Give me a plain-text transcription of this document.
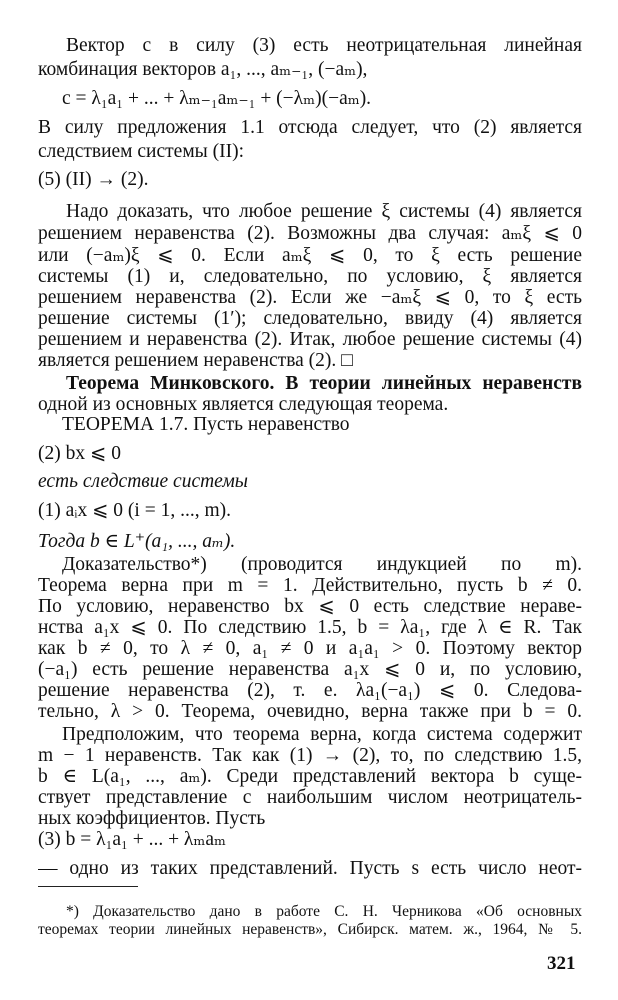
Вектор c в силу (3) есть неотрицательная линейная
комбинация векторов a₁, ..., aₘ₋₁, (−aₘ),
c = λ₁a₁ + ... + λₘ₋₁aₘ₋₁ + (−λₘ)(−aₘ).
В силу предложения 1.1 отсюда следует, что (2) является
следствием системы (II):
(5) (II) → (2).
Надо доказать, что любое решение ξ системы (4) является
решением неравенства (2). Возможны два случая: aₘξ ⩽ 0
или (−aₘ)ξ ⩽ 0. Если aₘξ ⩽ 0, то ξ есть решение
системы (1) и, следовательно, по условию, ξ является
решением неравенства (2). Если же −aₘξ ⩽ 0, то ξ есть
решение системы (1′); следовательно, ввиду (4) является
решением и неравенства (2). Итак, любое решение системы (4)
является решением неравенства (2). □
Теорема Минковского. В теории линейных неравенств
одной из основных является следующая теорема.
ТЕОРЕМА 1.7. Пусть неравенство
(2) bx ⩽ 0
есть следствие системы
(1) aᵢx ⩽ 0 (i = 1, ..., m).
Тогда b ∈ L⁺(a₁, ..., aₘ).
Доказательство*) (проводится индукцией по m).
Теорема верна при m = 1. Действительно, пусть b ≠ 0.
По условию, неравенство bx ⩽ 0 есть следствие нераве-
нства a₁x ⩽ 0. По следствию 1.5, b = λa₁, где λ ∈ R. Так
как b ≠ 0, то λ ≠ 0, a₁ ≠ 0 и a₁a₁ > 0. Поэтому вектор
(−a₁) есть решение неравенства a₁x ⩽ 0 и, по условию,
решение неравенства (2), т. е. λa₁(−a₁) ⩽ 0. Следова-
тельно, λ > 0. Теорема, очевидно, верна также при b = 0.
Предположим, что теорема верна, когда система содержит
m − 1 неравенств. Так как (1) → (2), то, по следствию 1.5,
b ∈ L(a₁, ..., aₘ). Среди представлений вектора b суще-
ствует представление с наибольшим числом неотрицатель-
ных коэффициентов. Пусть
(3) b = λ₁a₁ + ... + λₘaₘ
— одно из таких представлений. Пусть s есть число неот-
*) Доказательство дано в работе С. Н. Черникова «Об основных
теоремах теории линейных неравенств», Сибирск. матем. ж., 1964, № 5.
321
